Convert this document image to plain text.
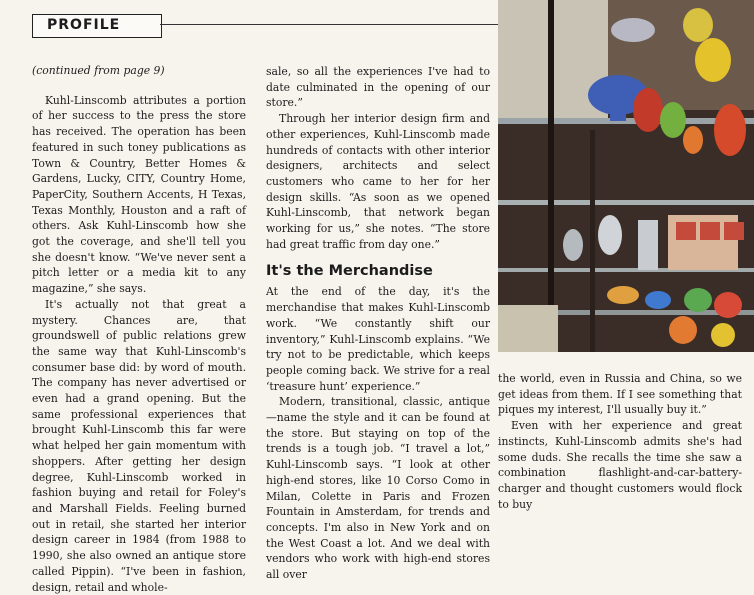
PROFILE

(continued from page 9)

Kuhl-Linscomb attributes a portion of her success to the press the store has received. The operation has been featured in such toney publications as Town & Country, Better Homes & Gardens, Lucky, CITY, Country Home, PaperCity, Southern Accents, H Texas, Texas Monthly, Houston and a raft of others. Ask Kuhl-Linscomb how she got the coverage, and she'll tell you she doesn't know. “We've never sent a pitch letter or a media kit to any magazine,” she says.

It's actually not that great a mystery. Chances are, that groundswell of public relations grew the same way that Kuhl-Linscomb's consumer base did: by word of mouth. The company has never advertised or even had a grand opening. But the same professional experiences that brought Kuhl-Linscomb this far were what helped her gain momentum with shoppers. After getting her design degree, Kuhl-Linscomb worked in fashion buying and retail for Foley's and Marshall Fields. Feeling burned out in retail, she started her interior design career in 1984 (from 1988 to 1990, she also owned an antique store called Pippin). “I've been in fashion, design, retail and whole-

sale, so all the experiences I've had to date culminated in the opening of our store.”

Through her interior design firm and other experiences, Kuhl-Linscomb made hundreds of contacts with other interior designers, architects and select customers who came to her for her design skills. “As soon as we opened Kuhl-Linscomb, that network began working for us,” she notes. “The store had great traffic from day one.”

It's the Merchandise

At the end of the day, it's the merchandise that makes Kuhl-Linscomb work. “We constantly shift our inventory,” Kuhl-Linscomb explains. “We try not to be predictable, which keeps people coming back. We strive for a real ‘treasure hunt’ experience.”

Modern, transitional, classic, antique—name the style and it can be found at the store. But staying on top of the trends is a tough job. “I travel a lot,” Kuhl-Linscomb says. “I look at other high-end stores, like 10 Corso Como in Milan, Colette in Paris and Frozen Fountain in Amsterdam, for trends and concepts. I'm also in New York and on the West Coast a lot. And we deal with vendors who work with high-end stores all over

the world, even in Russia and China, so we get ideas from them. If I see something that piques my interest, I'll usually buy it.”

Even with her experience and great instincts, Kuhl-Linscomb admits she's had some duds. She recalls the time she saw a combination flashlight-and-car-battery-charger and thought customers would flock to buy
